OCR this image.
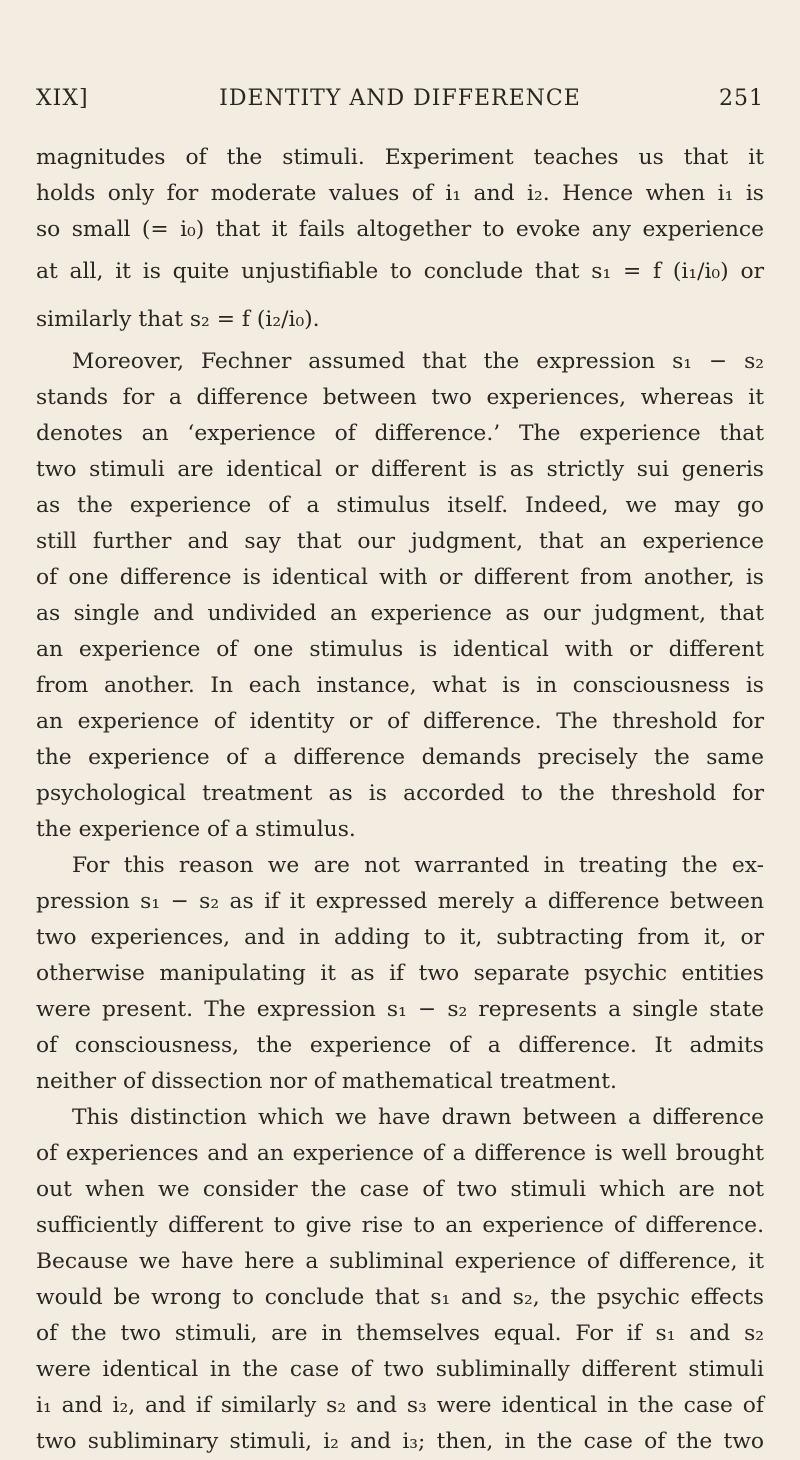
XIX]	IDENTITY AND DIFFERENCE	251
magnitudes of the stimuli. Experiment teaches us that it
holds only for moderate values of i₁ and i₂. Hence when i₁ is
so small (= i₀) that it fails altogether to evoke any experience
at all, it is quite unjustifiable to conclude that s₁ = f (i₁/i₀) or
similarly that s₂ = f (i₂/i₀).
Moreover, Fechner assumed that the expression s₁ − s₂
stands for a difference between two experiences, whereas it
denotes an ‘experience of difference.’ The experience that
two stimuli are identical or different is as strictly sui generis
as the experience of a stimulus itself. Indeed, we may go
still further and say that our judgment, that an experience
of one difference is identical with or different from another, is
as single and undivided an experience as our judgment, that
an experience of one stimulus is identical with or different
from another. In each instance, what is in consciousness is
an experience of identity or of difference. The threshold for
the experience of a difference demands precisely the same
psychological treatment as is accorded to the threshold for
the experience of a stimulus.
For this reason we are not warranted in treating the ex-
pression s₁ − s₂ as if it expressed merely a difference between
two experiences, and in adding to it, subtracting from it, or
otherwise manipulating it as if two separate psychic entities
were present. The expression s₁ − s₂ represents a single state
of consciousness, the experience of a difference. It admits
neither of dissection nor of mathematical treatment.
This distinction which we have drawn between a difference
of experiences and an experience of a difference is well brought
out when we consider the case of two stimuli which are not
sufficiently different to give rise to an experience of difference.
Because we have here a subliminal experience of difference, it
would be wrong to conclude that s₁ and s₂, the psychic effects
of the two stimuli, are in themselves equal. For if s₁ and s₂
were identical in the case of two subliminally different stimuli
i₁ and i₂, and if similarly s₂ and s₃ were identical in the case of
two subliminary stimuli, i₂ and i₃; then, in the case of the two
